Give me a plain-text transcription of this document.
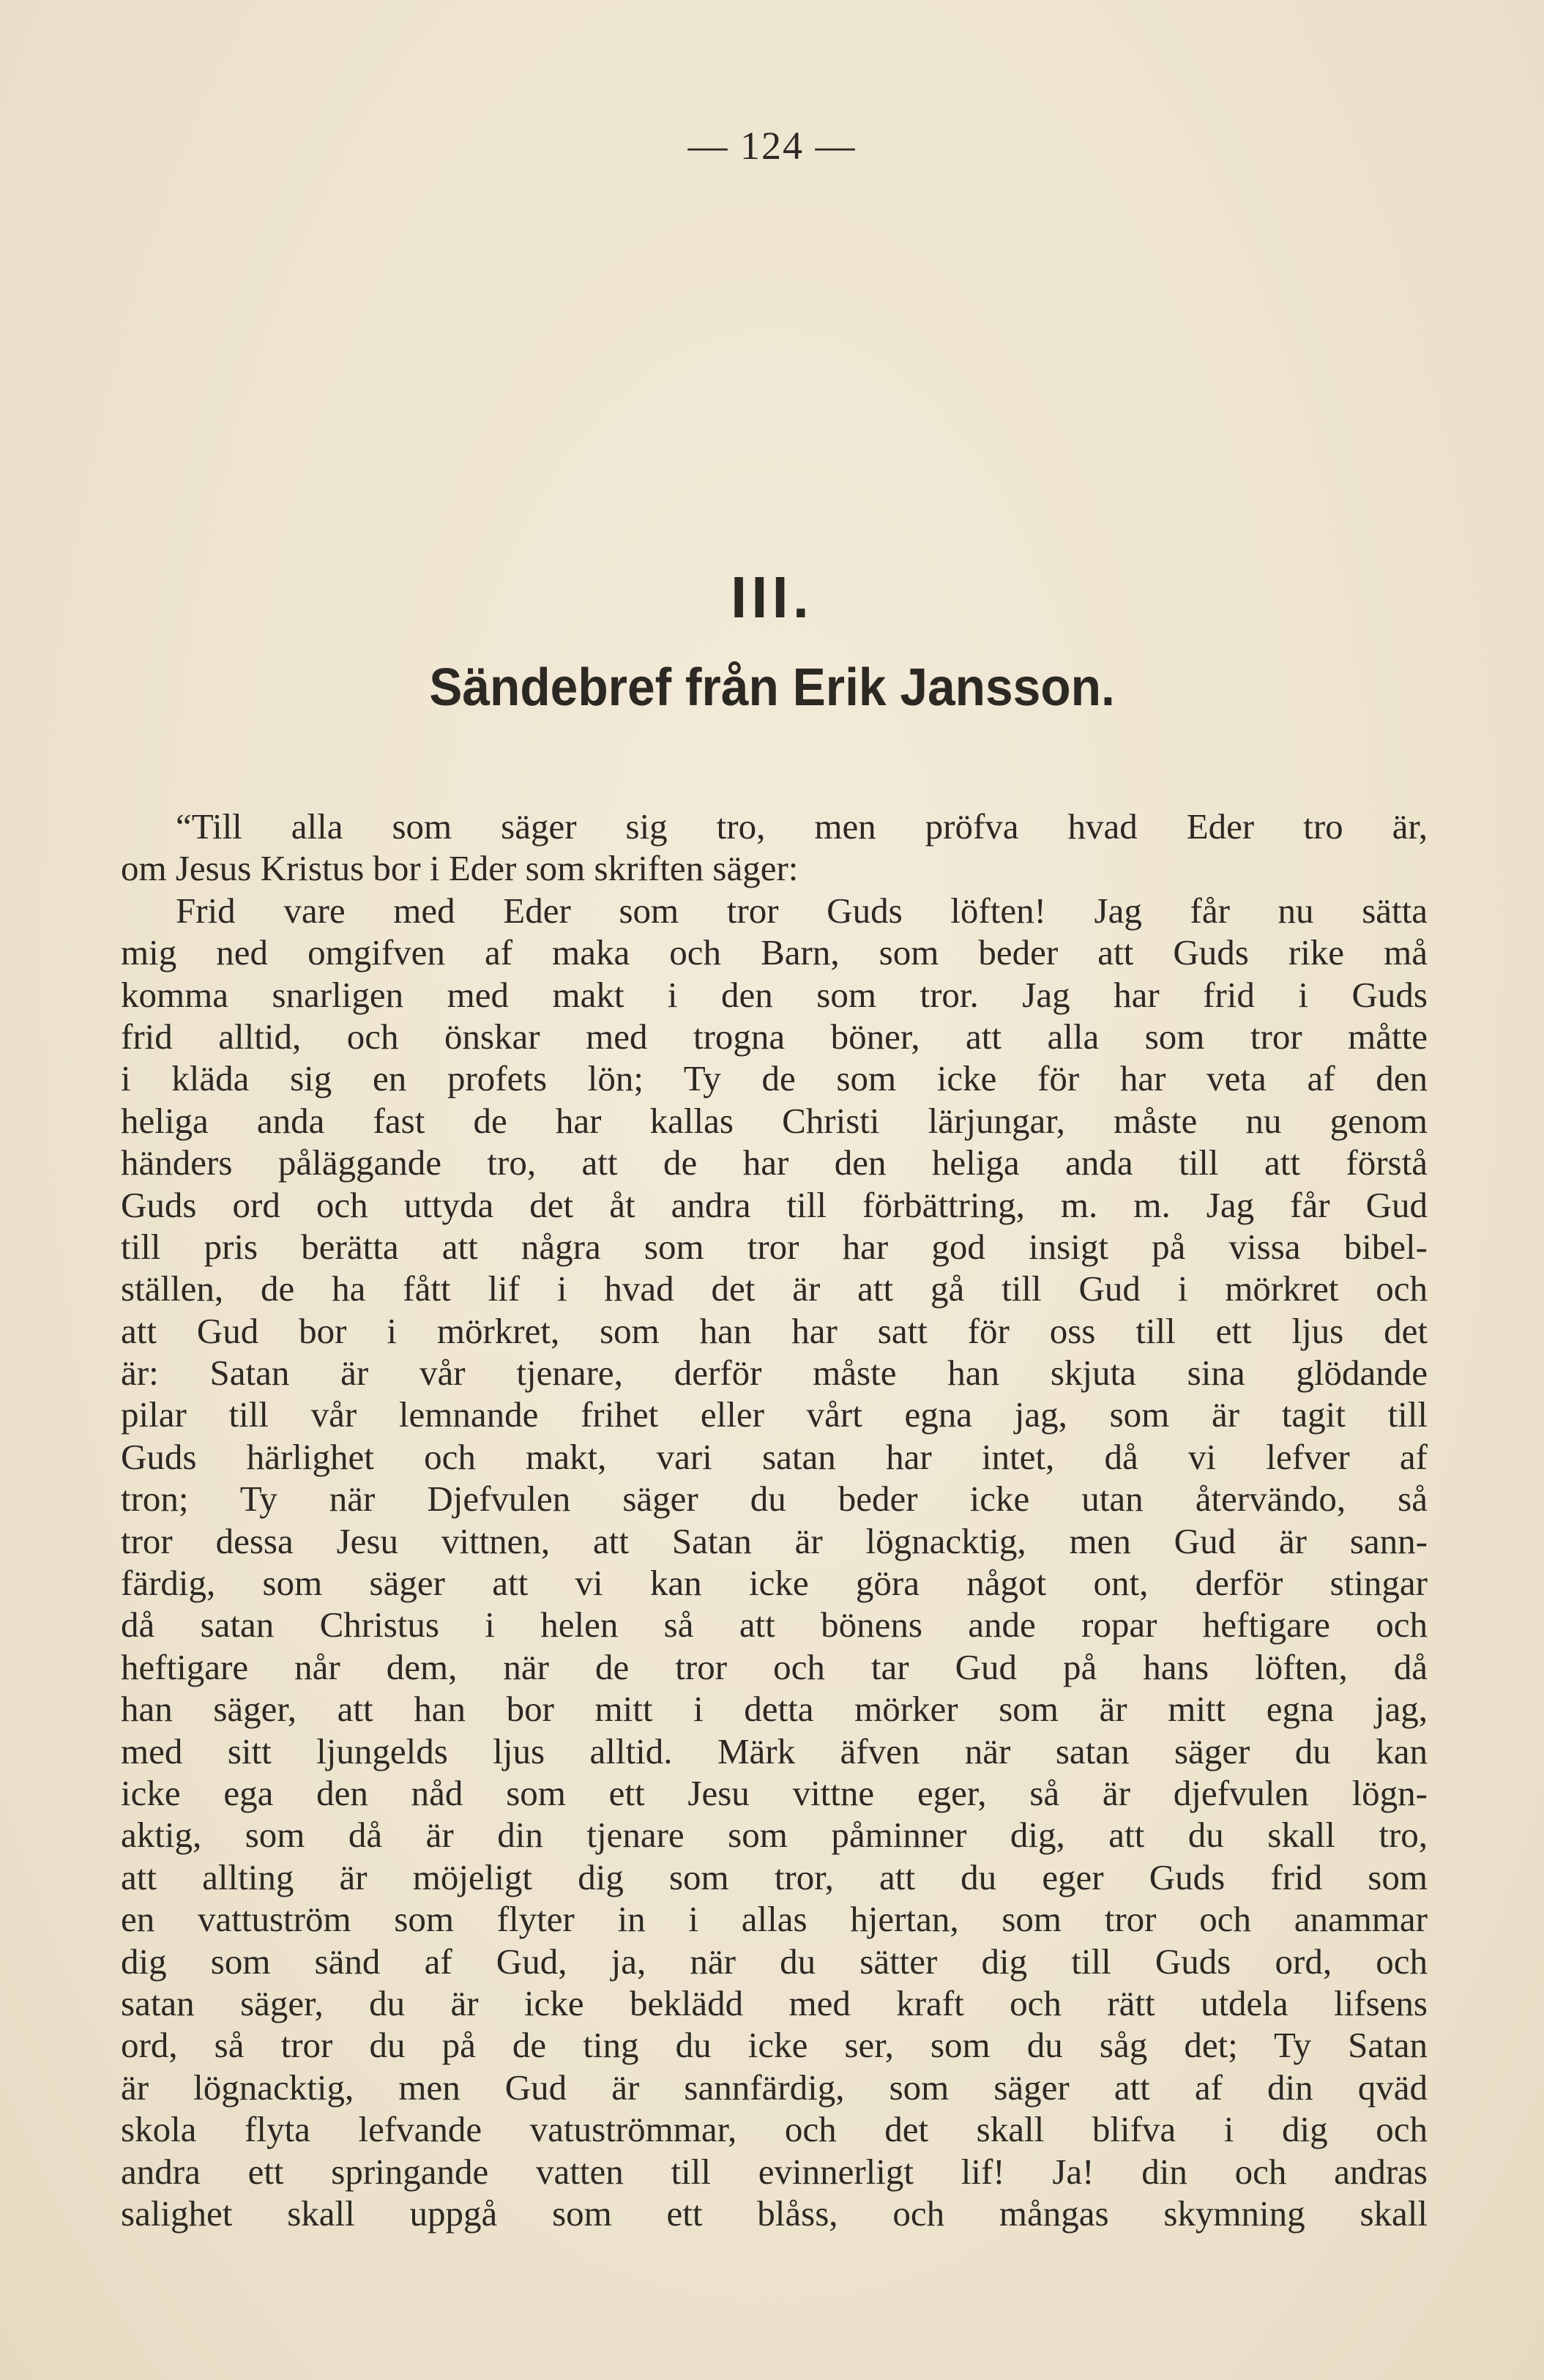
— 124 —
III.
Sändebref från Erik Jansson.
“Till alla som säger sig tro, men pröfva hvad Eder tro är,
om Jesus Kristus bor i Eder som skriften säger:
Frid vare med Eder som tror Guds löften! Jag får nu sätta
mig ned omgifven af maka och Barn, som beder att Guds rike må
komma snarligen med makt i den som tror. Jag har frid i Guds
frid alltid, och önskar med trogna böner, att alla som tror måtte
i kläda sig en profets lön; Ty de som icke för har veta af den
heliga anda fast de har kallas Christi lärjungar, måste nu genom
händers påläggande tro, att de har den heliga anda till att förstå
Guds ord och uttyda det åt andra till förbättring, m. m. Jag får Gud
till pris berätta att några som tror har god insigt på vissa bibel-
ställen, de ha fått lif i hvad det är att gå till Gud i mörkret och
att Gud bor i mörkret, som han har satt för oss till ett ljus det
är: Satan är vår tjenare, derför måste han skjuta sina glödande
pilar till vår lemnande frihet eller vårt egna jag, som är tagit till
Guds härlighet och makt, vari satan har intet, då vi lefver af
tron; Ty när Djefvulen säger du beder icke utan återvändo, så
tror dessa Jesu vittnen, att Satan är lögnacktig, men Gud är sann-
färdig, som säger att vi kan icke göra något ont, derför stingar
då satan Christus i helen så att bönens ande ropar heftigare och
heftigare når dem, när de tror och tar Gud på hans löften, då
han säger, att han bor mitt i detta mörker som är mitt egna jag,
med sitt ljungelds ljus alltid. Märk äfven när satan säger du kan
icke ega den nåd som ett Jesu vittne eger, så är djefvulen lögn-
aktig, som då är din tjenare som påminner dig, att du skall tro,
att allting är möjeligt dig som tror, att du eger Guds frid som
en vattuström som flyter in i allas hjertan, som tror och anammar
dig som sänd af Gud, ja, när du sätter dig till Guds ord, och
satan säger, du är icke beklädd med kraft och rätt utdela lifsens
ord, så tror du på de ting du icke ser, som du såg det; Ty Satan
är lögnacktig, men Gud är sannfärdig, som säger att af din qväd
skola flyta lefvande vatuströmmar, och det skall blifva i dig och
andra ett springande vatten till evinnerligt lif! Ja! din och andras
salighet skall uppgå som ett blåss, och mångas skymning skall
